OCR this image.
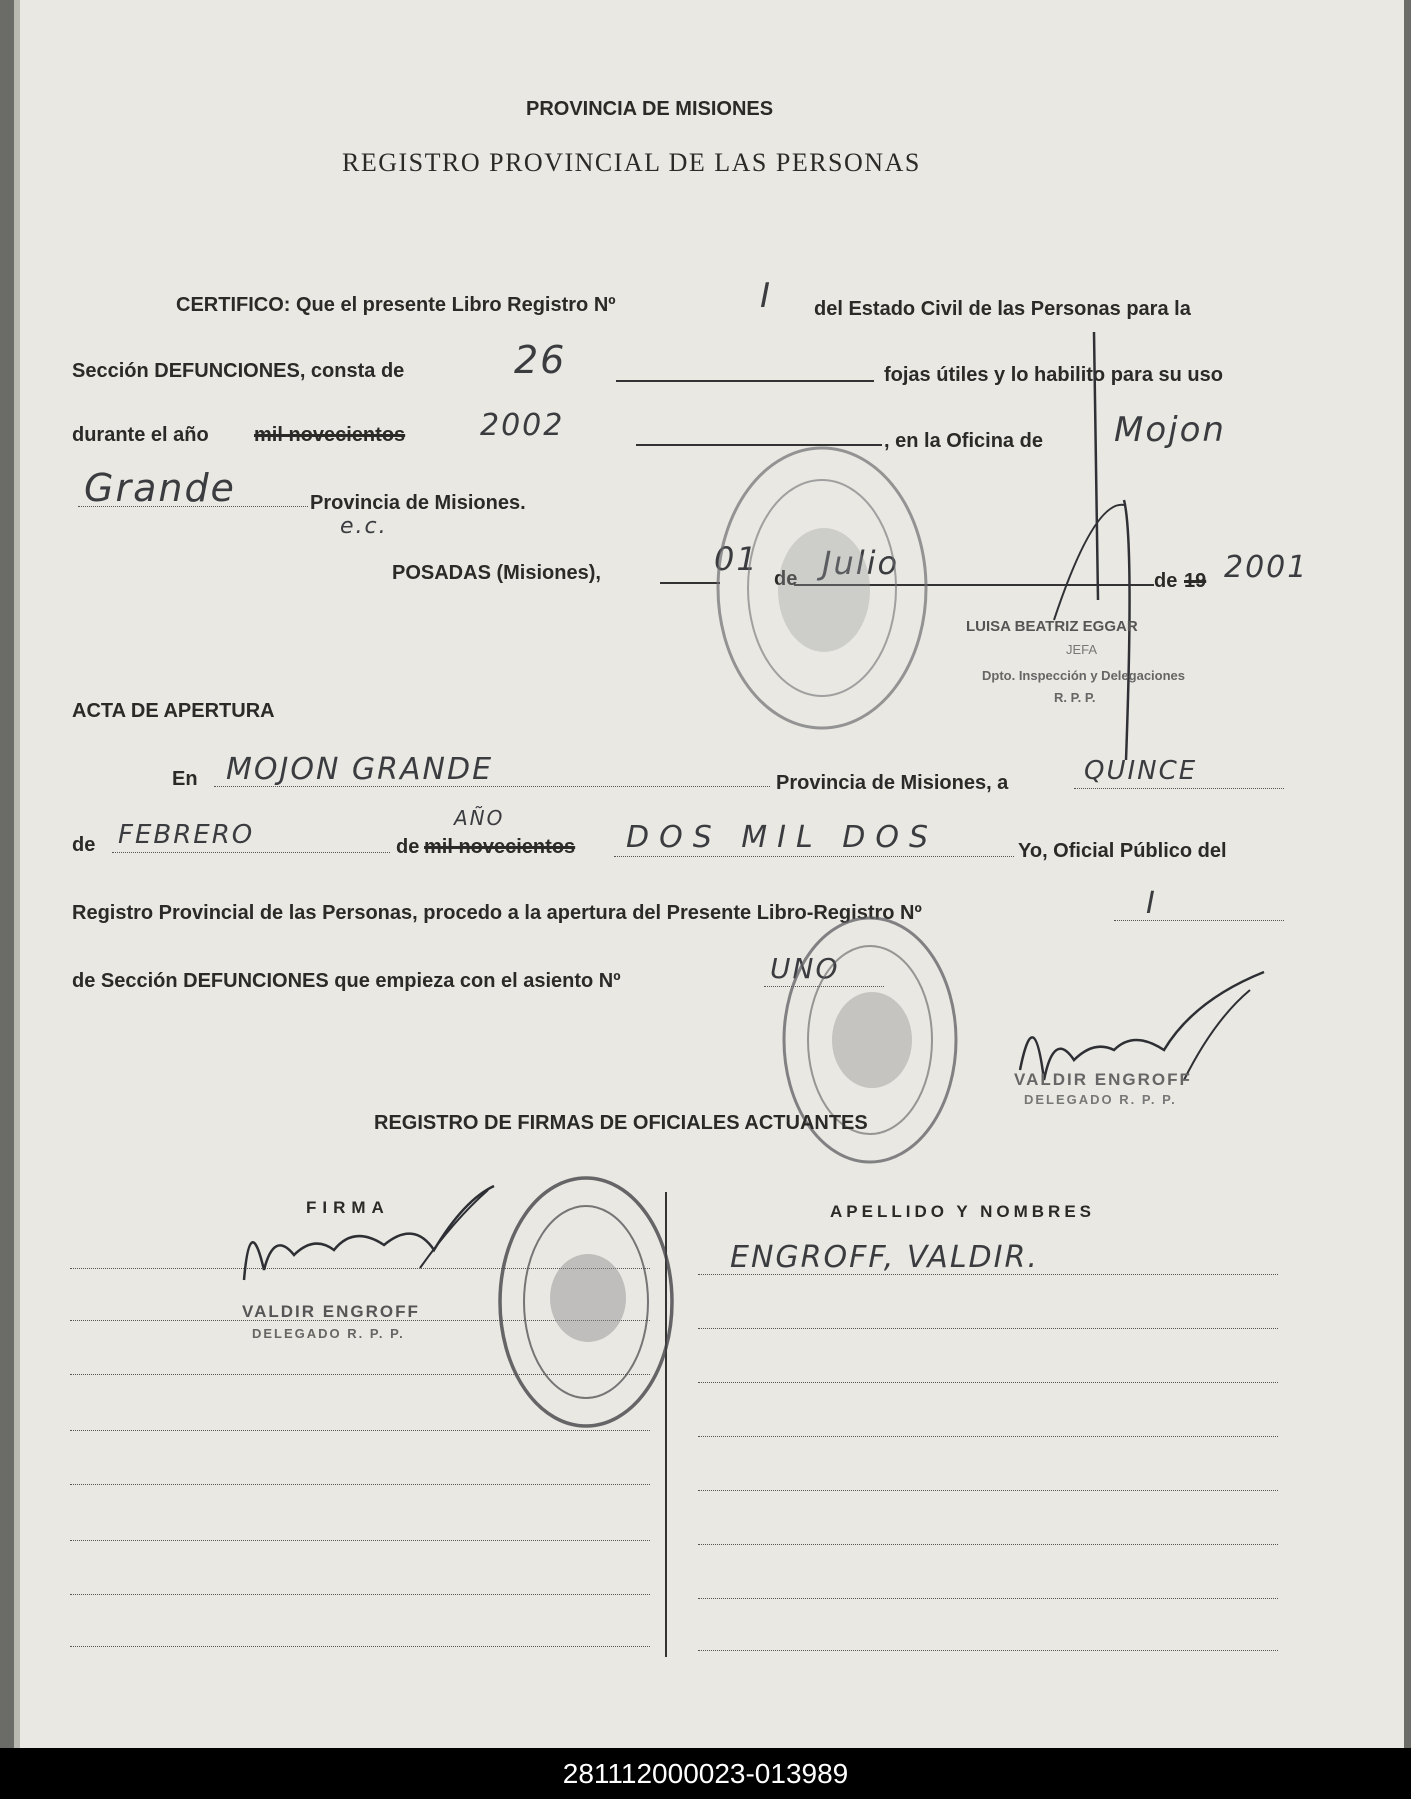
PROVINCIA DE MISIONES
REGISTRO PROVINCIAL DE LAS PERSONAS
CERTIFICO: Que el presente Libro Registro Nº	I del Estado Civil de las Personas para la
Sección DEFUNCIONES, consta de	26	fojas útiles y lo habilito para su uso
durante el año mil novecientos 2002	, en la Oficina de Mojon
Grande	Provincia de Misiones.
e.c.
POSADAS (Misiones),	01
de Julio	de 19 2001
LUISA BEATRIZ EGGAR
JEFA
Dpto. Inspección y Delegaciones
R. P. P.
ACTA DE APERTURA
En MOJON GRANDE	Provincia de Misiones, a	QUINCE
de FEBRERO	de
AÑO
mil novecientos DOS MIL DOS	Yo, Oficial Público del
Registro Provincial de las Personas, procedo a la apertura del Presente Libro-Registro Nº	I
de Sección DEFUNCIONES que empieza con el asiento Nº	UNO
VALDIR ENGROFF
DELEGADO R. P. P.
REGISTRO DE FIRMAS DE OFICIALES ACTUANTES
FIRMA	APELLIDO Y NOMBRES
VALDIR ENGROFF
DELEGADO R. P. P.
ENGROFF, VALDIR.
281112000023-013989
